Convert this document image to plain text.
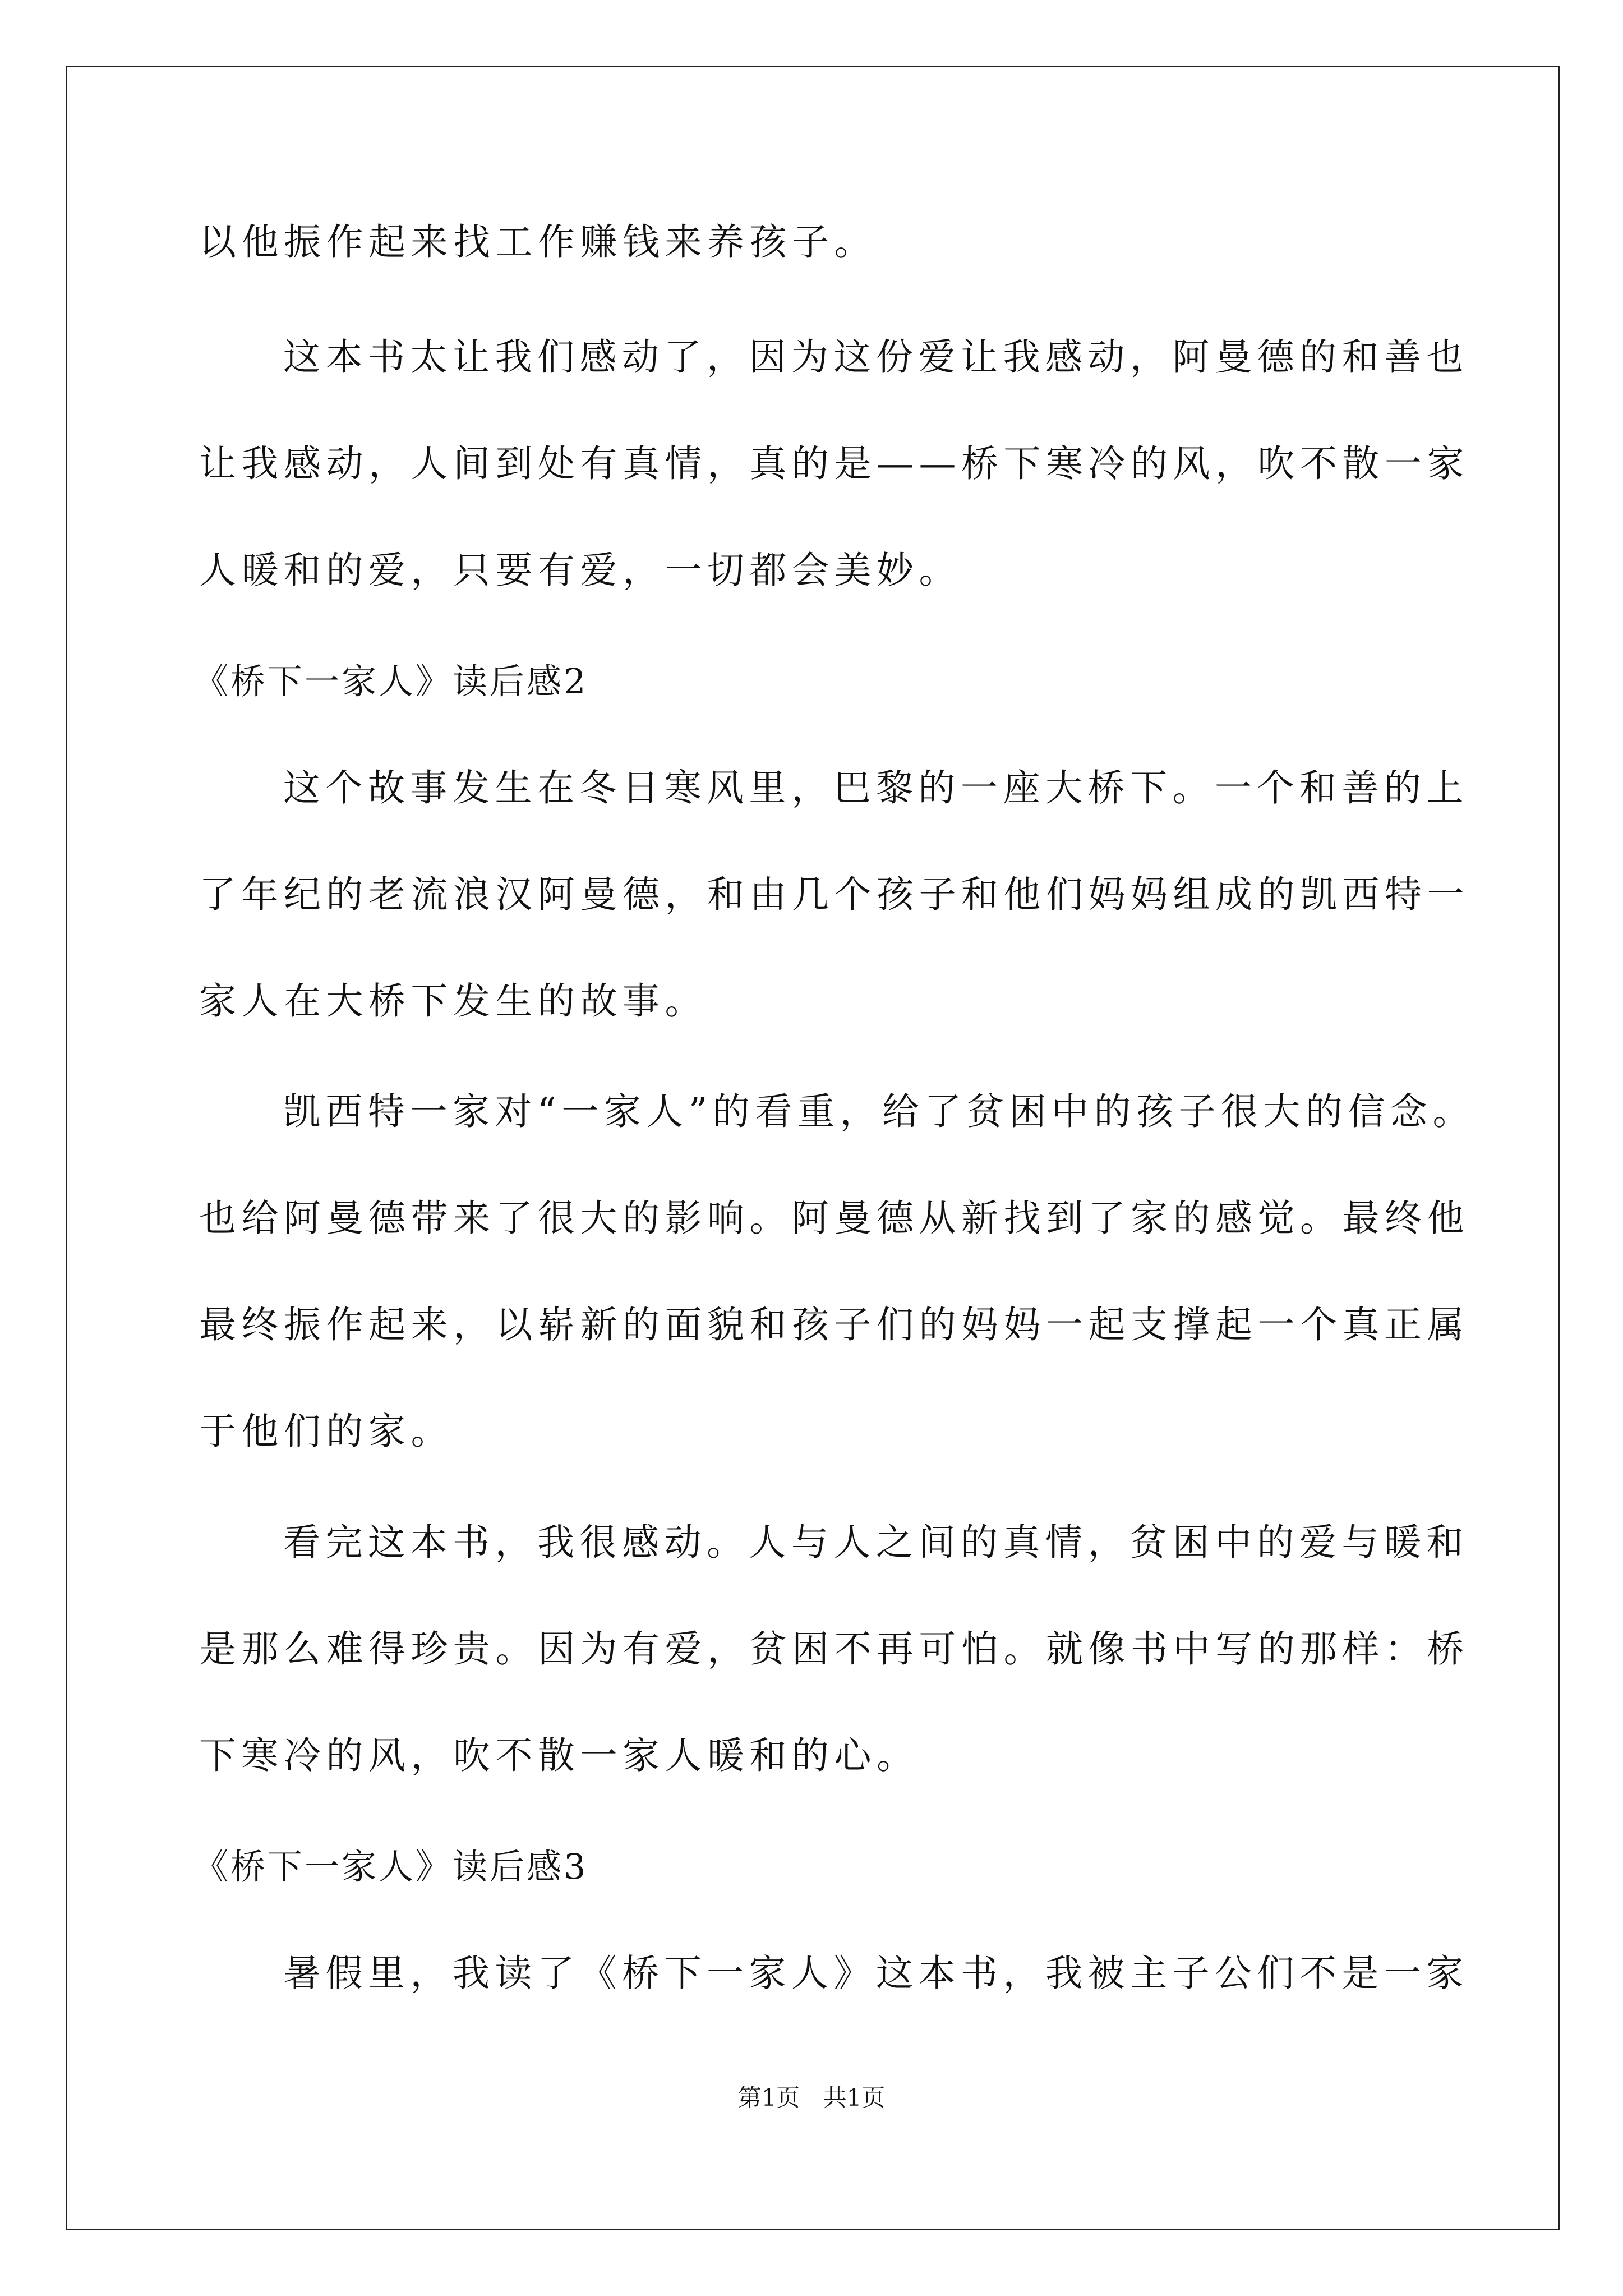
以他振作起来找工作赚钱来养孩子。
这本书太让我们感动了，因为这份爱让我感动，阿曼德的和善也
让我感动，人间到处有真情，真的是——桥下寒冷的风，吹不散一家
人暖和的爱，只要有爱，一切都会美妙。
《桥下一家人》读后感2
这个故事发生在冬日寒风里，巴黎的一座大桥下。一个和善的上
了年纪的老流浪汉阿曼德，和由几个孩子和他们妈妈组成的凯西特一
家人在大桥下发生的故事。
凯西特一家对“一家人”的看重，给了贫困中的孩子很大的信念。
也给阿曼德带来了很大的影响。阿曼德从新找到了家的感觉。最终他
最终振作起来，以崭新的面貌和孩子们的妈妈一起支撑起一个真正属
于他们的家。
看完这本书，我很感动。人与人之间的真情，贫困中的爱与暖和
是那么难得珍贵。因为有爱，贫困不再可怕。就像书中写的那样：桥
下寒冷的风，吹不散一家人暖和的心。
《桥下一家人》读后感3
暑假里，我读了《桥下一家人》这本书，我被主子公们不是一家
第1页 共1页
